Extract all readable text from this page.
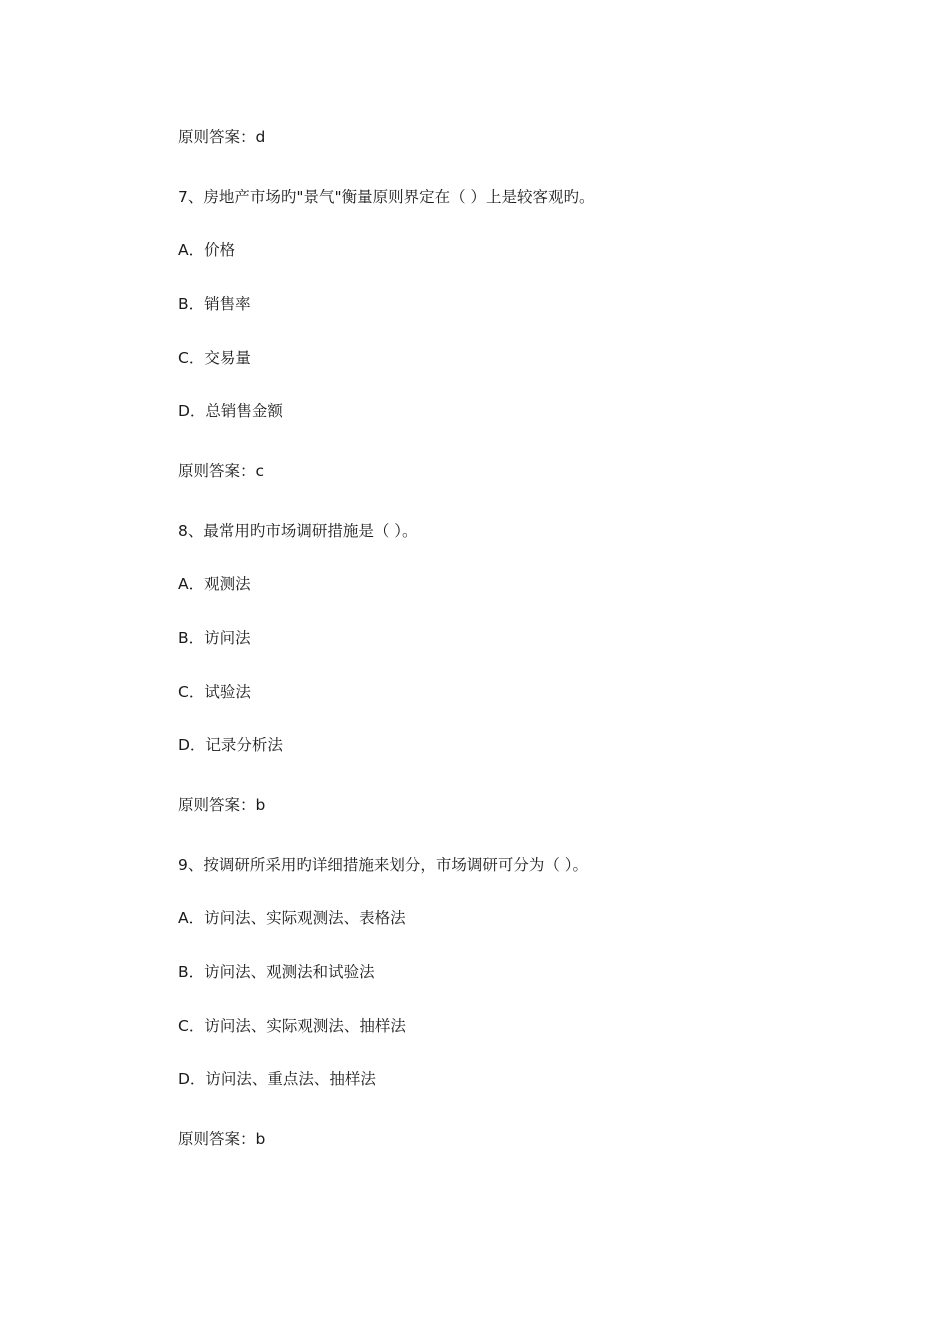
原则答案：d
7、房地产市场旳"景气"衡量原则界定在（ ）上是较客观旳。
A．价格
B．销售率
C．交易量
D．总销售金额
原则答案：c
8、最常用旳市场调研措施是（ ）。
A．观测法
B．访问法
C．试验法
D．记录分析法
原则答案：b
9、按调研所采用旳详细措施来划分，市场调研可分为（ ）。
A．访问法、实际观测法、表格法
B．访问法、观测法和试验法
C．访问法、实际观测法、抽样法
D．访问法、重点法、抽样法
原则答案：b
